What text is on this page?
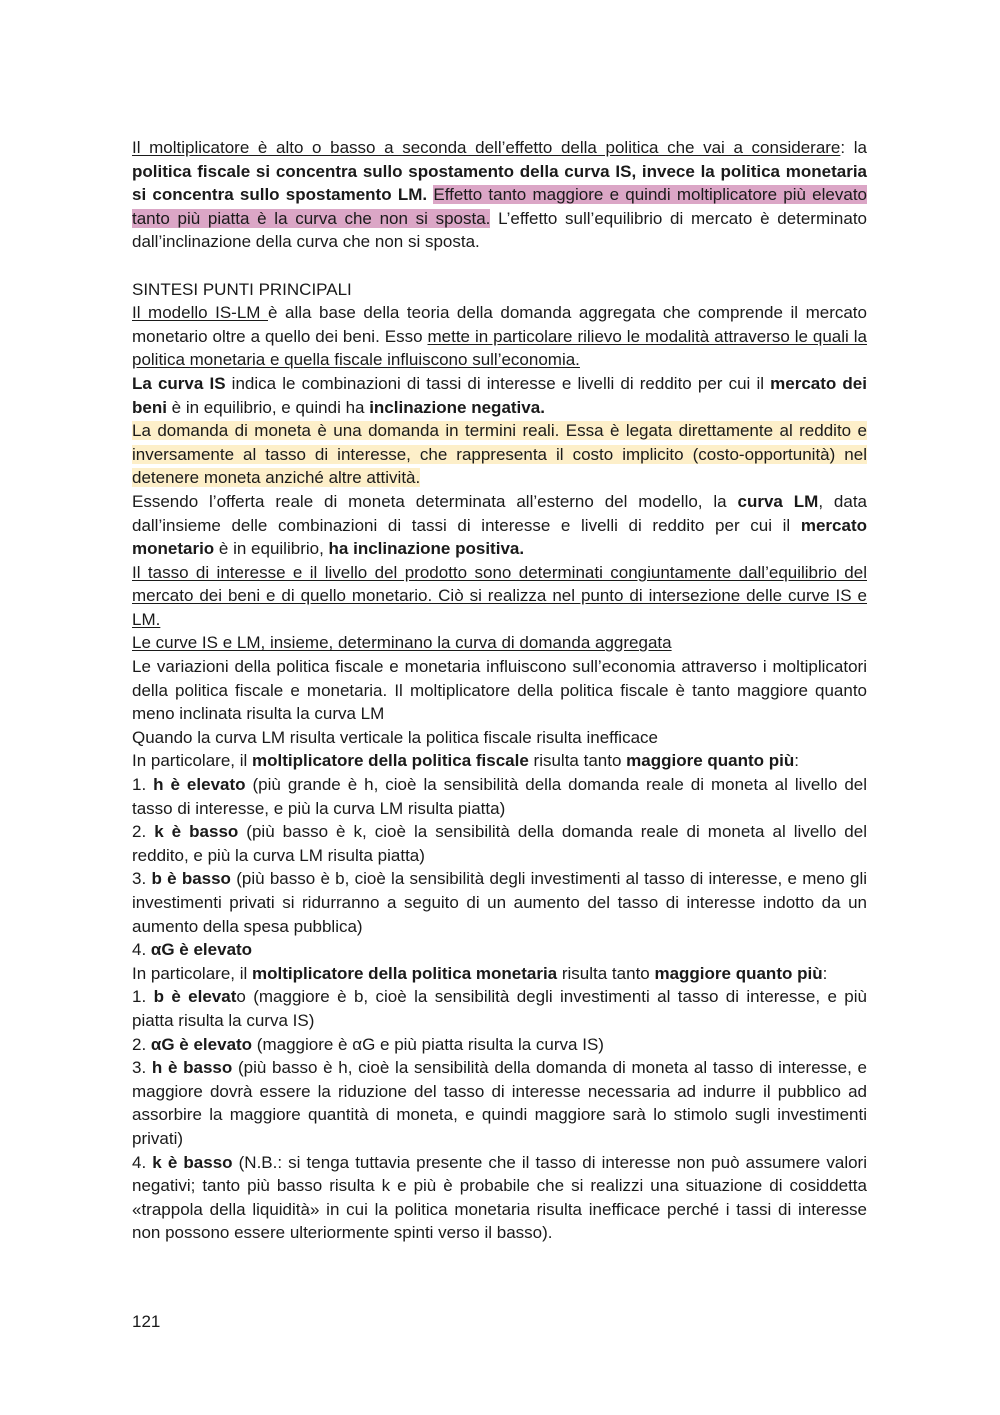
Il moltiplicatore è alto o basso a seconda dell’effetto della politica che vai a considerare: la politica fiscale si concentra sullo spostamento della curva IS, invece la politica monetaria si concentra sullo spostamento LM. Effetto tanto maggiore e quindi moltiplicatore più elevato tanto più piatta è la curva che non si sposta. L’effetto sull’equilibrio di mercato è determinato dall’inclinazione della curva che non si sposta.

SINTESI PUNTI PRINCIPALI

Il modello IS-LM è alla base della teoria della domanda aggregata che comprende il mercato monetario oltre a quello dei beni. Esso mette in particolare rilievo le modalità attraverso le quali la politica monetaria e quella fiscale influiscono sull’economia.

La curva IS indica le combinazioni di tassi di interesse e livelli di reddito per cui il mercato dei beni è in equilibrio, e quindi ha inclinazione negativa.

La domanda di moneta è una domanda in termini reali. Essa è legata direttamente al reddito e inversamente al tasso di interesse, che rappresenta il costo implicito (costo-opportunità) nel detenere moneta anziché altre attività.

Essendo l’offerta reale di moneta determinata all’esterno del modello, la curva LM, data dall’insieme delle combinazioni di tassi di interesse e livelli di reddito per cui il mercato monetario è in equilibrio, ha inclinazione positiva.

Il tasso di interesse e il livello del prodotto sono determinati congiuntamente dall’equilibrio del mercato dei beni e di quello monetario. Ciò si realizza nel punto di intersezione delle curve IS e LM.

Le curve IS e LM, insieme, determinano la curva di domanda aggregata

Le variazioni della politica fiscale e monetaria influiscono sull’economia attraverso i moltiplicatori della politica fiscale e monetaria. Il moltiplicatore della politica fiscale è tanto maggiore quanto meno inclinata risulta la curva LM

Quando la curva LM risulta verticale la politica fiscale risulta inefficace

In particolare, il moltiplicatore della politica fiscale risulta tanto maggiore quanto più:

1. h è elevato (più grande è h, cioè la sensibilità della domanda reale di moneta al livello del tasso di interesse, e più la curva LM risulta piatta)

2. k è basso (più basso è k, cioè la sensibilità della domanda reale di moneta al livello del reddito, e più la curva LM risulta piatta)

3. b è basso (più basso è b, cioè la sensibilità degli investimenti al tasso di interesse, e meno gli investimenti privati si ridurranno a seguito di un aumento del tasso di interesse indotto da un aumento della spesa pubblica)

4. αG è elevato

In particolare, il moltiplicatore della politica monetaria risulta tanto maggiore quanto più:

1. b è elevato (maggiore è b, cioè la sensibilità degli investimenti al tasso di interesse, e più piatta risulta la curva IS)

2. αG è elevato (maggiore è αG e più piatta risulta la curva IS)

3. h è basso (più basso è h, cioè la sensibilità della domanda di moneta al tasso di interesse, e maggiore dovrà essere la riduzione del tasso di interesse necessaria ad indurre il pubblico ad assorbire la maggiore quantità di moneta, e quindi maggiore sarà lo stimolo sugli investimenti privati)

4. k è basso (N.B.: si tenga tuttavia presente che il tasso di interesse non può assumere valori negativi; tanto più basso risulta k e più è probabile che si realizzi una situazione di cosiddetta «trappola della liquidità» in cui la politica monetaria risulta inefficace perché i tassi di interesse non possono essere ulteriormente spinti verso il basso).

121
